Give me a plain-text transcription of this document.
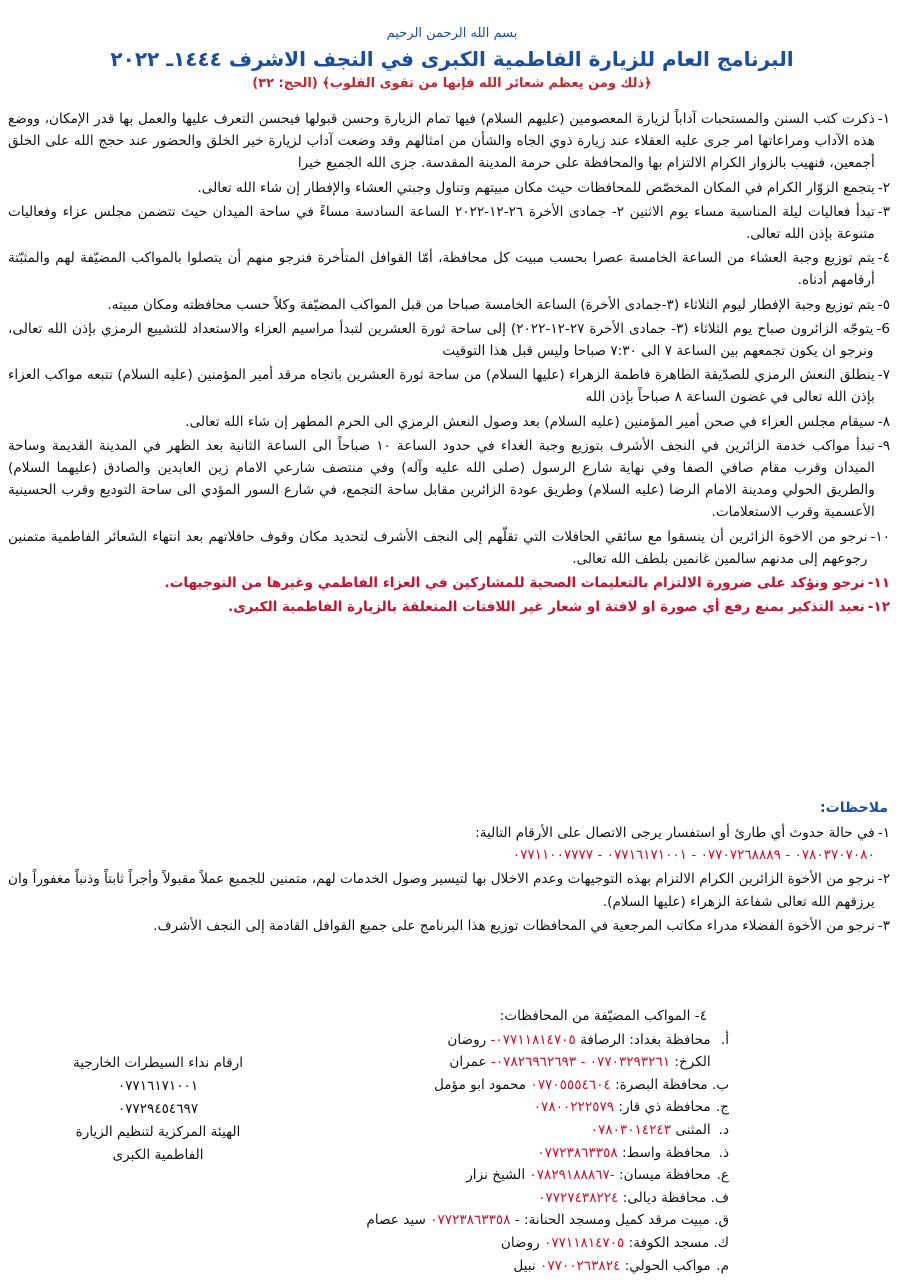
بسم الله الرحمن الرحيم
البرنامج العام للزيارة الفاطمية الكبرى في النجف الاشرف ١٤٤٤ـ ٢٠٢٢
﴿ذلك ومن يعظم شعائر الله فإنها من تقوى القلوب﴾ (الحج: ٣٢)
١-
ذكرت كتب السنن والمستحبات آداباً لزيارة المعصومين (عليهم السلام) فيها تمام الزيارة وحسن قبولها فيحسن التعرف عليها والعمل بها قدر الإمكان، ووضع هذه الآداب ومراعاتها امر جرى عليه العقلاء عند زيارة ذوي الجاه والشأن من امثالهم وقد وضعت آداب لزيارة خير الخلق والحضور عند حجج الله على الخلق أجمعين، فنهيب بالزوار الكرام الالتزام بها والمحافظة على حرمة المدينة المقدسة. جزى الله الجميع خيرا
٢-
يتجمع الزوّار الكرام في المكان المخصّص للمحافظات حيث مكان مبيتهم وتناول وجبتي العشاء والإفطار إن شاء الله تعالى.
٣-
تبدأ فعاليات ليلة المناسبة مساء يوم الاثنين ٢- جمادى الأخرة ٢٦-١٢-٢٠٢٢ الساعة السادسة مساءً في ساحة الميدان حيث تتضمن مجلس عزاء وفعاليات متنوعة بإذن الله تعالى.
٤-
يتم توزيع وجبة العشاء من الساعة الخامسة عصرا بحسب مبيت كل محافظة، أمّا القوافل المتأخرة فنرجو منهم أن يتصلوا بالمواكب المضيّفة لهم والمثبّتة أرقامهم أدناه.
٥-
يتم توزيع وجبة الإفطار ليوم الثلاثاء (٣-جمادى الأخرة) الساعة الخامسة صباحا من قبل المواكب المضيّفة وكلاً حسب محافظته ومكان مبيته.
6-
يتوجّه الزائرون صباح يوم الثلاثاء (٣- جمادى الأخرة ٢٧-١٢-٢٠٢٢) إلى ساحة ثورة العشرين لتبدأ مراسيم العزاء والاستعداد للتشييع الرمزي بإذن الله تعالى، ونرجو ان يكون تجمعهم بين الساعة ٧ الى ٧:٣٠ صباحا وليس قبل هذا التوقيت
٧-
ينطلق النعش الرمزي للصدّيقة الطاهرة فاطمة الزهراء (عليها السلام) من ساحة ثورة العشرين باتجاه مرقد أمير المؤمنين (عليه السلام) تتبعه مواكب العزاء بإذن الله تعالى في غضون الساعة ٨ صباحاً بإذن الله
٨-
سيقام مجلس العزاء في صحن أمير المؤمنين (عليه السلام) بعد وصول النعش الرمزي الى الحرم المطهر إن شاء الله تعالى.
٩-
تبدأ مواكب خدمة الزائرين في النجف الأشرف بتوزيع وجبة الغداء في حدود الساعة ١٠ صباحاً الى الساعة الثانية بعد الظهر في المدينة القديمة وساحة الميدان وقرب مقام صافي الصفا وفي نهاية شارع الرسول (صلى الله عليه وآله) وفي منتصف شارعي الامام زين العابدين والصادق (عليهما السلام) والطريق الحولي ومدينة الامام الرضا (عليه السلام) وطريق عودة الزائرين مقابل ساحة التجمع، في شارع السور المؤدي الى ساحة التوديع وقرب الحسينية الأعسمية وقرب الاستعلامات.
١٠-
نرجو من الاخوة الزائرين أن ينسقوا مع سائقي الحافلات التي تقلّهم إلى النجف الأشرف لتحديد مكان وقوف حافلاتهم بعد انتهاء الشعائر الفاطمية متمنين رجوعهم إلى مدنهم سالمين غانمين بلطف الله تعالى.
١١-
نرجو ونؤكد على ضرورة الالتزام بالتعليمات الصحية للمشاركين في العزاء الفاطمي وغيرها من التوجيهات.
١٢-
نعيد التذكير بمنع رفع أي صورة او لافتة او شعار غير اللافتات المتعلقة بالزيارة الفاطمية الكبرى.
ملاحظات:
١-
في حالة حدوث أي طارئ أو استفسار يرجى الاتصال على الأرقام التالية:
٠٧٨٠٣٧٠٧٠٨٠ - ٠٧٧٠٧٢٦٨٨٨٩ - ٠٧٧١٦١٧١٠٠١ - ٠٧٧١١٠٠٧٧٧٧
٢-
نرجو من الأخوة الزائرين الكرام الالتزام بهذه التوجيهات وعدم الاخلال بها لتيسير وصول الخدمات لهم، متمنين للجميع عملاً مقبولاً وأجراً ثابتاً وذنباً مغفوراً وان يرزقهم الله تعالى شفاعة الزهراء (عليها السلام).
٣-
نرجو من الأخوة الفضلاء مدراء مكاتب المرجعية في المحافظات توزيع هذا البرنامج على جميع القوافل القادمة إلى النجف الأشرف.
٤- المواكب المضيّفة من المحافظات:
أ. محافظة بغداد: الرصافة ٠٧٧١١٨١٤٧٠٥- روضان
الكرخ: ٠٧٧٠٣٢٩٣٢٦١ - ٠٧٨٢٦٩٦٢٦٩٣- عمران
ب. محافظة البصرة: ٠٧٧٠٥٥٥٤٦٠٤ محمود ابو مؤمل
ج. محافظة ذي قار: ٠٧٨٠٠٢٢٢٥٧٩
د. المثنى ٠٧٨٠٣٠١٤٢٤٣
ذ. محافظة واسط: ٠٧٧٢٣٨٦٣٣٥٨
ع. محافظة ميسان: -٠٧٨٢٩١٨٨٨٦٧ الشيخ نزار
ف. محافظة ديالى: ٠٧٧٢٧٤٣٨٢٢٤
ق. مبيت مرقد كميل ومسجد الحنانة: - ٠٧٧٢٣٨٦٣٣٥٨ سيد عصام
ك. مسجد الكوفة: ٠٧٧١١٨١٤٧٠٥ روضان
م. مواكب الحولي: ٠٧٧٠٠٢٦٣٨٢٤ نبيل
ارقام نداء السيطرات الخارجية
٠٧٧١٦١٧١٠٠١
٠٧٧٢٩٤٥٤٦٩٧
الهيئة المركزية لتنظيم الزيارة
الفاطمية الكبرى
